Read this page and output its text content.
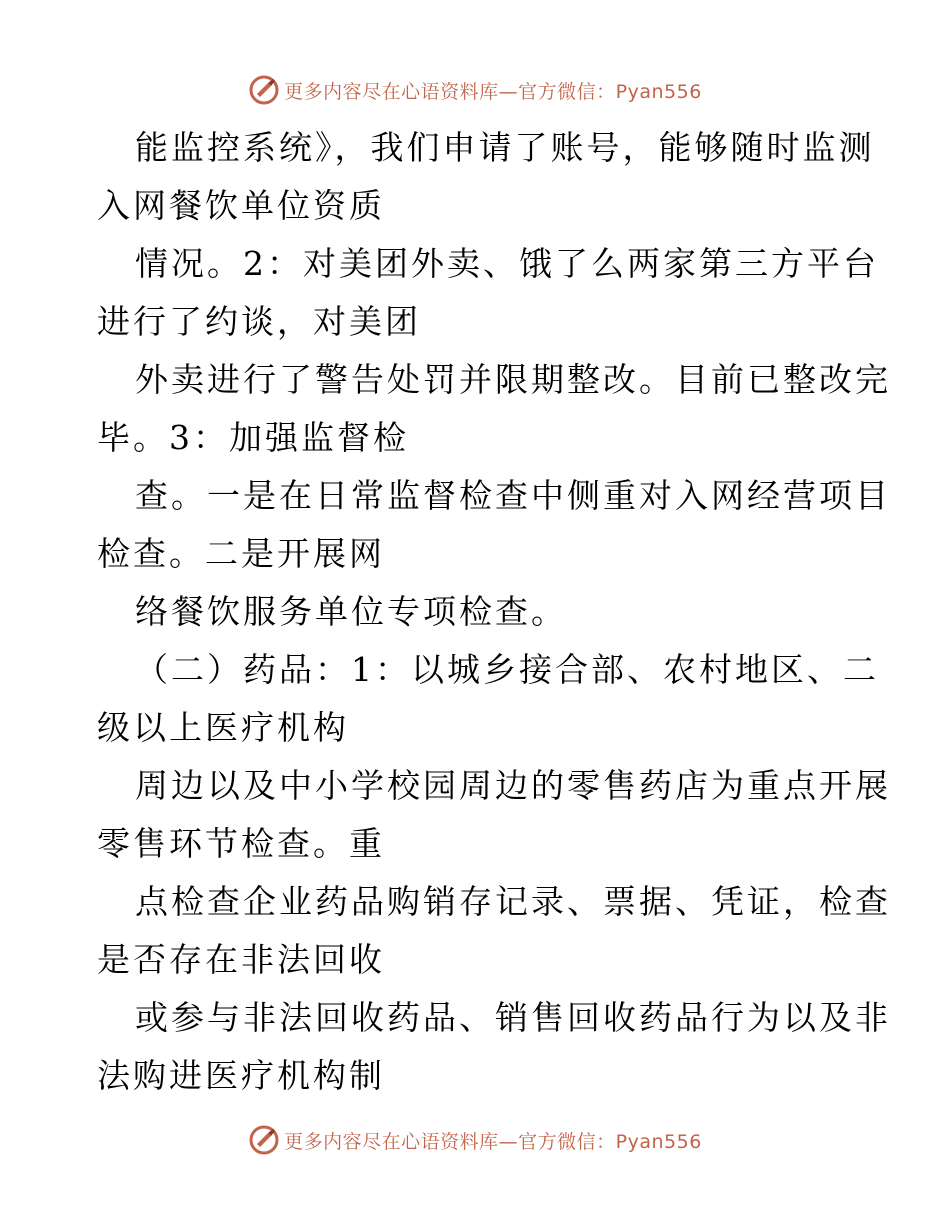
更多内容尽在心语资料库—官方微信：Pyan556
能监控系统》，我们申请了账号，能够随时监测
入网餐饮单位资质
情况。2：对美团外卖、饿了么两家第三方平台
进行了约谈，对美团
外卖进行了警告处罚并限期整改。目前已整改完
毕。3：加强监督检
查。一是在日常监督检查中侧重对入网经营项目
检查。二是开展网
络餐饮服务单位专项检查。
（二）药品：1：以城乡接合部、农村地区、二
级以上医疗机构
周边以及中小学校园周边的零售药店为重点开展
零售环节检查。重
点检查企业药品购销存记录、票据、凭证，检查
是否存在非法回收
或参与非法回收药品、销售回收药品行为以及非
法购进医疗机构制
更多内容尽在心语资料库—官方微信：Pyan556
